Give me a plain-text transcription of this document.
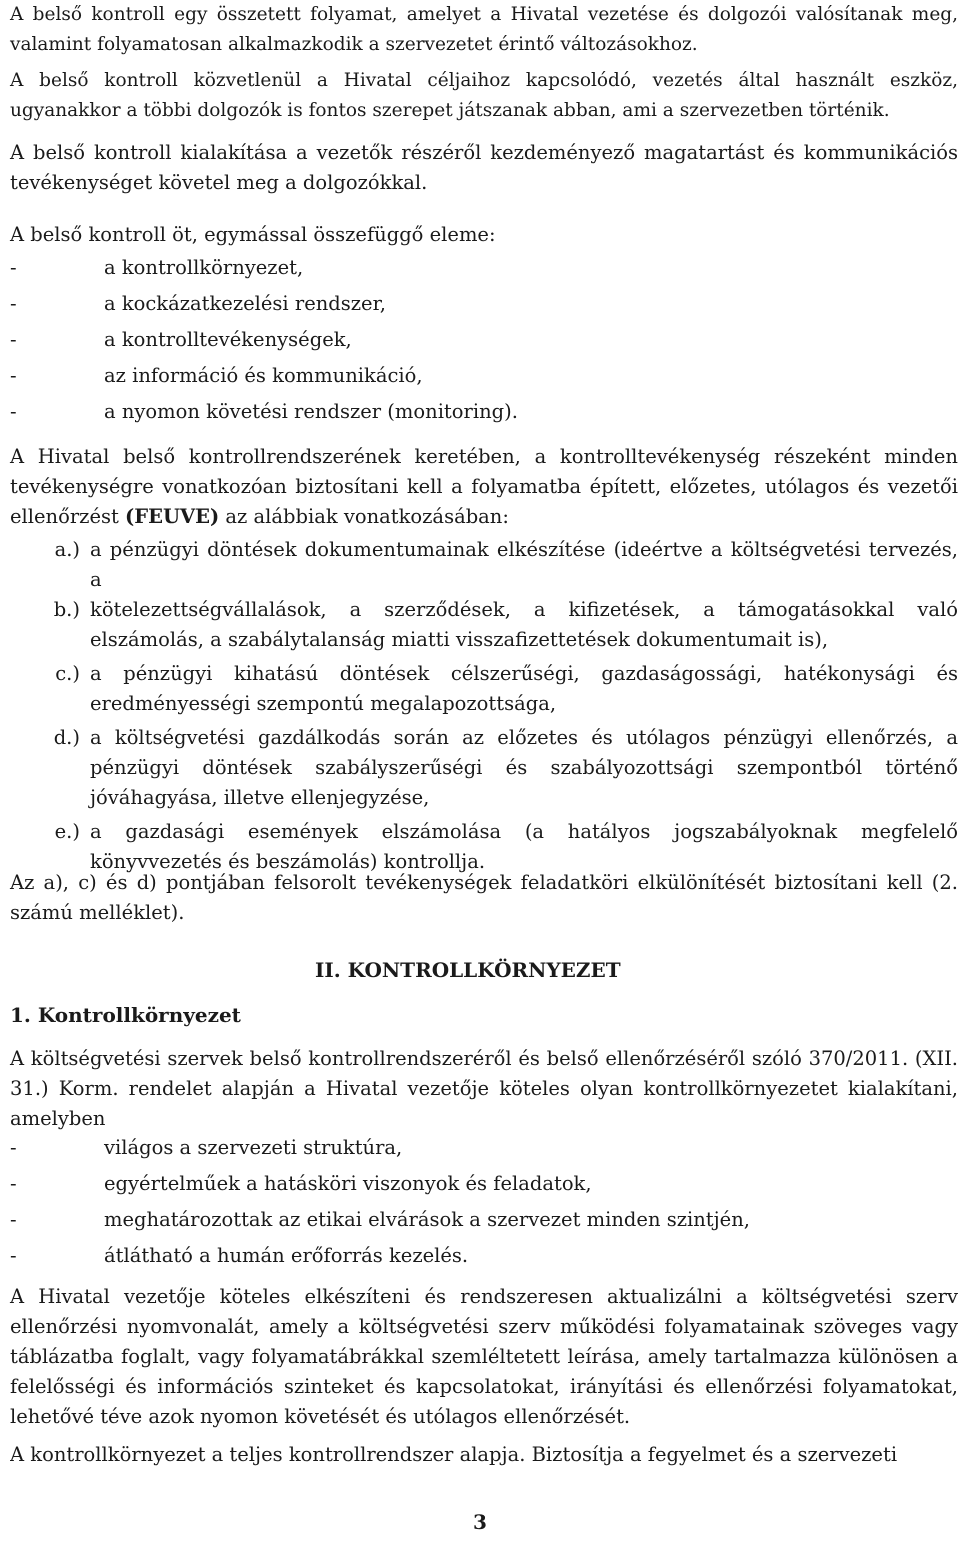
A belső kontroll egy összetett folyamat, amelyet a Hivatal vezetése és dolgozói valósítanak meg, valamint folyamatosan alkalmazkodik a szervezetet érintő változásokhoz.

A belső kontroll közvetlenül a Hivatal céljaihoz kapcsolódó, vezetés által használt eszköz, ugyanakkor a többi dolgozók is fontos szerepet játszanak abban, ami a szervezetben történik.

A belső kontroll kialakítása a vezetők részéről kezdeményező magatartást és kommunikációs tevékenységet követel meg a dolgozókkal.

A belső kontroll öt, egymással összefüggő eleme:

-	a kontrollkörnyezet,
-	a kockázatkezelési rendszer,
-	a kontrolltevékenységek,
-	az információ és kommunikáció,
-	a nyomon követési rendszer (monitoring).

A Hivatal belső kontrollrendszerének keretében, a kontrolltevékenység részeként minden tevékenységre vonatkozóan biztosítani kell a folyamatba épített, előzetes, utólagos és vezetői ellenőrzést (FEUVE) az alábbiak vonatkozásában:

a.) a pénzügyi döntések dokumentumainak elkészítése (ideértve a költségvetési tervezés, a
b.) kötelezettségvállalások, a szerződések, a kifizetések, a támogatásokkal való elszámolás, a szabálytalanság miatti visszafizettetések dokumentumait is),
c.) a pénzügyi kihatású döntések célszerűségi, gazdaságossági, hatékonysági és eredményességi szempontú megalapozottsága,
d.) a költségvetési gazdálkodás során az előzetes és utólagos pénzügyi ellenőrzés, a pénzügyi döntések szabályszerűségi és szabályozottsági szempontból történő jóváhagyása, illetve ellenjegyzése,
e.) a gazdasági események elszámolása (a hatályos jogszabályoknak megfelelő könyvvezetés és beszámolás) kontrollja.

Az a), c) és d) pontjában felsorolt tevékenységek feladatköri elkülönítését biztosítani kell (2. számú melléklet).

II. KONTROLLKÖRNYEZET
1. Kontrollkörnyezet

A költségvetési szervek belső kontrollrendszeréről és belső ellenőrzéséről szóló 370/2011. (XII. 31.) Korm. rendelet alapján a Hivatal vezetője köteles olyan kontrollkörnyezetet kialakítani, amelyben

-	világos a szervezeti struktúra,
-	egyértelműek a hatásköri viszonyok és feladatok,
-	meghatározottak az etikai elvárások a szervezet minden szintjén,
-	átlátható a humán erőforrás kezelés.

A Hivatal vezetője köteles elkészíteni és rendszeresen aktualizálni a költségvetési szerv ellenőrzési nyomvonalát, amely a költségvetési szerv működési folyamatainak szöveges vagy táblázatba foglalt, vagy folyamatábrákkal szemléltetett leírása, amely tartalmazza különösen a felelősségi és információs szinteket és kapcsolatokat, irányítási és ellenőrzési folyamatokat, lehetővé téve azok nyomon követését és utólagos ellenőrzését.

A kontrollkörnyezet a teljes kontrollrendszer alapja. Biztosítja a fegyelmet és a szervezeti
3
